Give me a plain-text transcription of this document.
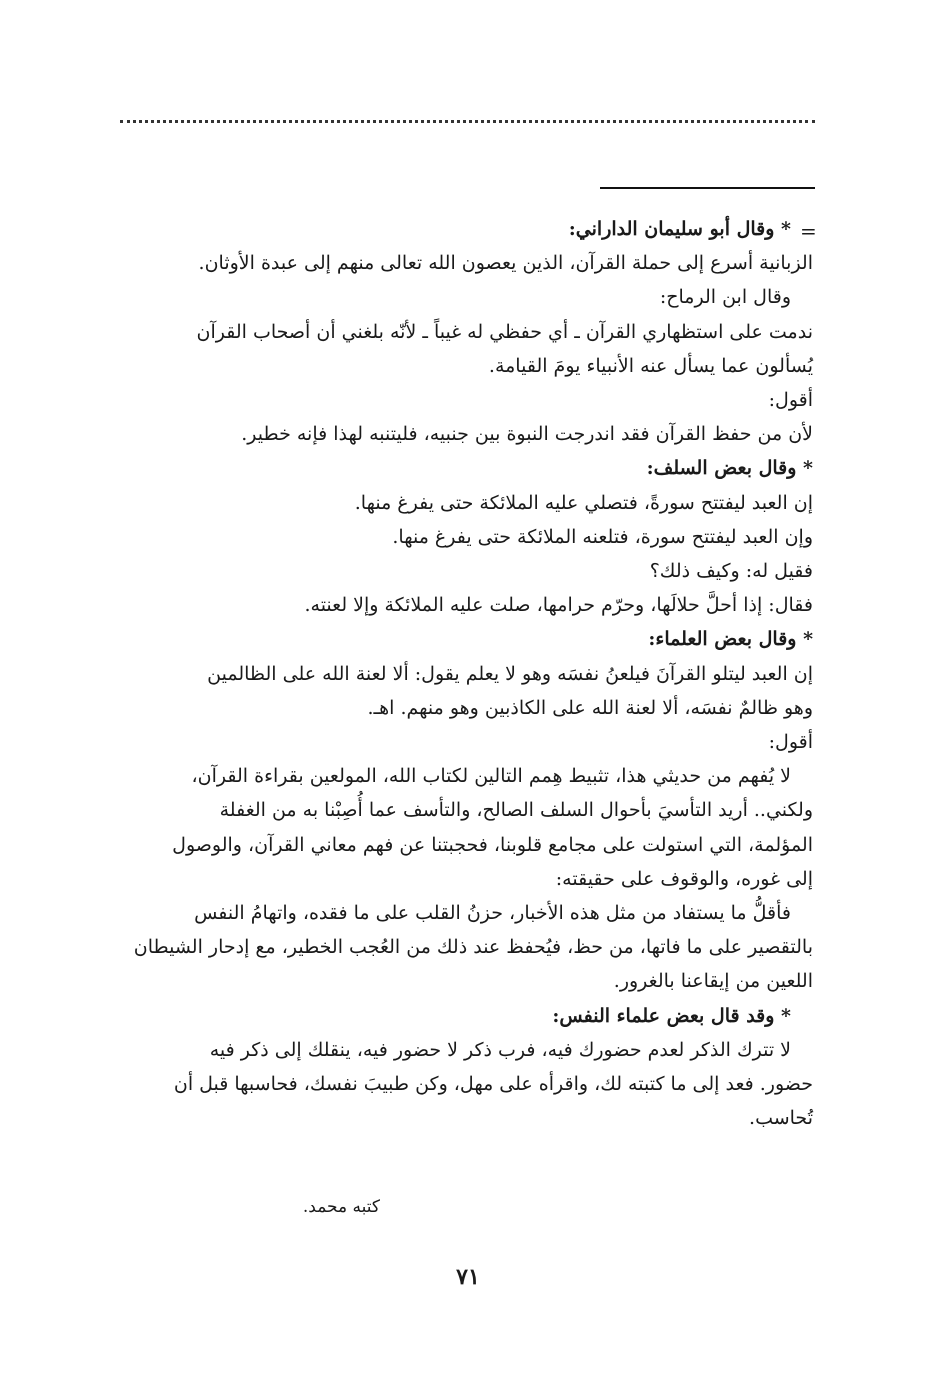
=

* وقال أبو سليمان الداراني:

الزبانية أسرع إلى حملة القرآن، الذين يعصون الله تعالى منهم إلى عبدة الأوثان.

وقال ابن الرماح:

ندمت على استظهاري القرآن ـ أي حفظي له غيباً ـ لأنّه بلغني أن أصحاب القرآن

يُسألون عما يسأل عنه الأنبياء يومَ القيامة.

أقول:

لأن من حفظ القرآن فقد اندرجت النبوة بين جنبيه، فليتنبه لهذا فإنه خطير.

* وقال بعض السلف:

إن العبد ليفتتح سورةً، فتصلي عليه الملائكة حتى يفرغ منها.

وإن العبد ليفتتح سورة، فتلعنه الملائكة حتى يفرغ منها.

فقيل له: وكيف ذلك؟

فقال: إذا أحلَّ حلالَها، وحرّم حرامها، صلت عليه الملائكة وإلا لعنته.

* وقال بعض العلماء:

إن العبد ليتلو القرآنَ فيلعنُ نفسَه وهو لا يعلم يقول: ألا لعنة الله على الظالمين

وهو ظالمٌ نفسَه، ألا لعنة الله على الكاذبين وهو منهم. اهـ.

أقول:

لا يُفهم من حديثي هذا، تثبيط هِمم التالين لكتاب الله، المولعين بقراءة القرآن،

ولكني.. أريد التأسيَ بأحوال السلف الصالح، والتأسف عما أُصِبْنا به من الغفلة

المؤلمة، التي استولت على مجامع قلوبنا، فحجبتنا عن فهم معاني القرآن، والوصول

إلى غوره، والوقوف على حقيقته:

فأقلُّ ما يستفاد من مثل هذه الأخبار، حزنُ القلب على ما فقده، واتهامُ النفس

بالتقصير على ما فاتها، من حظ، فيُحفظ عند ذلك من العُجب الخطير، مع إدحار الشيطان

اللعين من إيقاعنا بالغرور.

* وقد قال بعض علماء النفس:

لا تترك الذكر لعدم حضورك فيه، فرب ذكر لا حضور فيه، ينقلك إلى ذكر فيه

حضور. فعد إلى ما كتبته لك، واقرأه على مهل، وكن طبيبَ نفسك، فحاسبها قبل أن

تُحاسب.

كتبه محمد.
٧١
